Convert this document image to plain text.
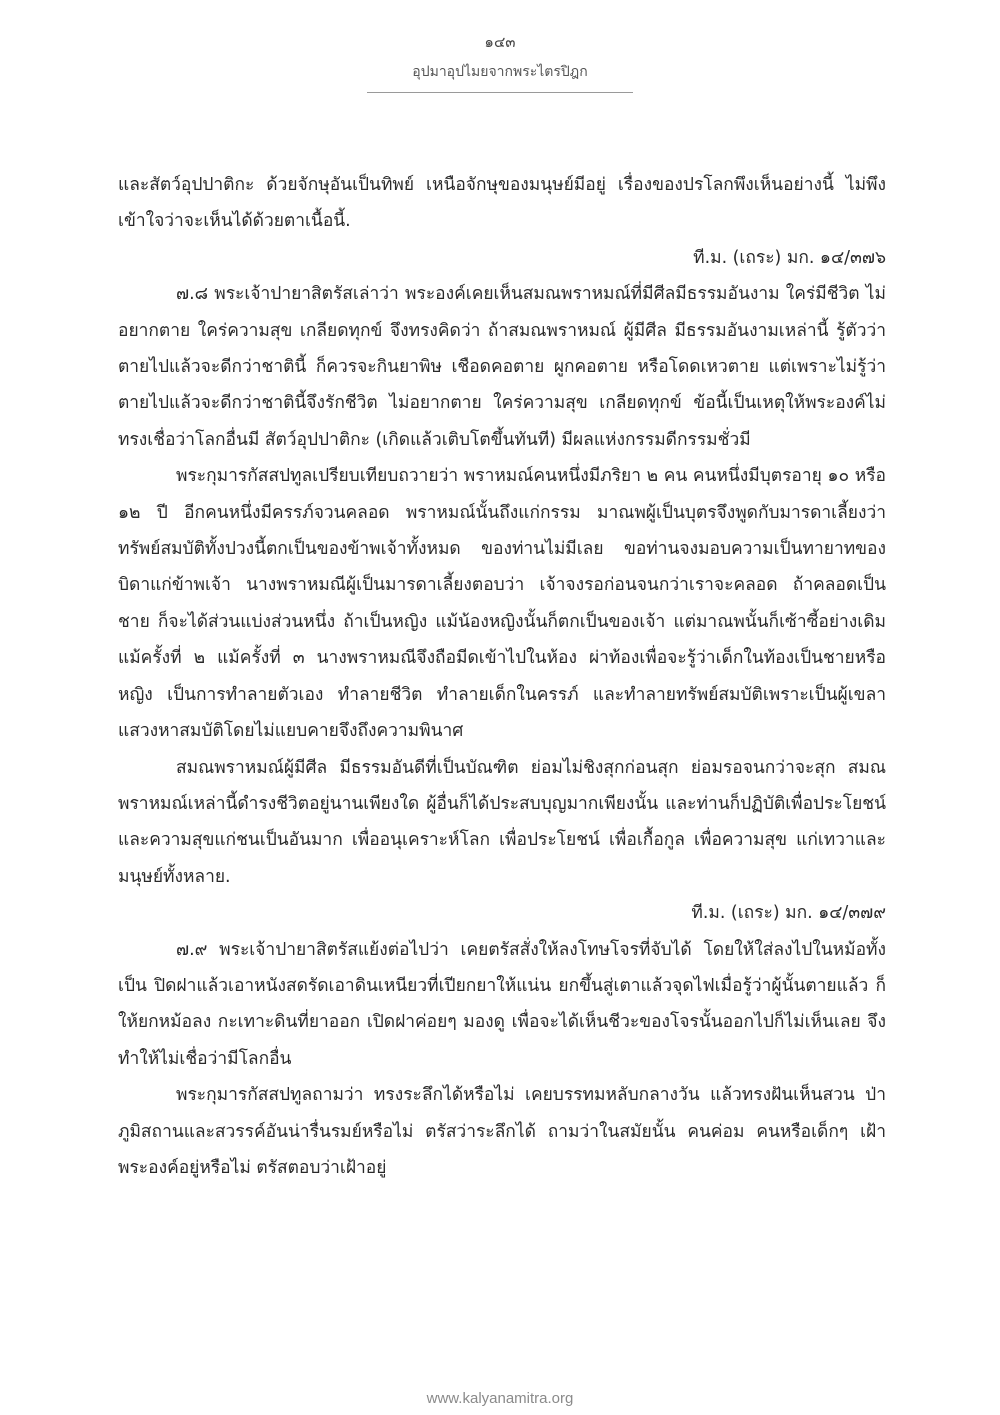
๑๔๓
อุปมาอุปไมยจากพระไตรปิฎก

และสัตว์อุปปาติกะ ด้วยจักษุอันเป็นทิพย์ เหนือจักษุของมนุษย์มีอยู่ เรื่องของปรโลกพึงเห็นอย่างนี้ ไม่พึงเข้าใจว่าจะเห็นได้ด้วยตาเนื้อนี้.

ที.ม. (เถระ) มก. ๑๔/๓๗๖

๗.๘ พระเจ้าปายาสิตรัสเล่าว่า พระองค์เคยเห็นสมณพราหมณ์ที่มีศีลมีธรรมอันงาม ใคร่มีชีวิต ไม่อยากตาย ใคร่ความสุข เกลียดทุกข์ จึงทรงคิดว่า ถ้าสมณพราหมณ์ ผู้มีศีล มีธรรมอันงามเหล่านี้ รู้ตัวว่าตายไปแล้วจะดีกว่าชาตินี้ ก็ควรจะกินยาพิษ เชือดคอตาย ผูกคอตาย หรือโดดเหวตาย แต่เพราะไม่รู้ว่าตายไปแล้วจะดีกว่าชาตินี้จึงรักชีวิต ไม่อยากตาย ใคร่ความสุข เกลียดทุกข์ ข้อนี้เป็นเหตุให้พระองค์ไม่ทรงเชื่อว่าโลกอื่นมี สัตว์อุปปาติกะ (เกิดแล้วเติบโตขึ้นทันที) มีผลแห่งกรรมดีกรรมชั่วมี

พระกุมารกัสสปทูลเปรียบเทียบถวายว่า พราหมณ์คนหนึ่งมีภริยา ๒ คน คนหนึ่งมีบุตรอายุ ๑๐ หรือ ๑๒ ปี อีกคนหนึ่งมีครรภ์จวนคลอด พราหมณ์นั้นถึงแก่กรรม มาณพผู้เป็นบุตรจึงพูดกับมารดาเลี้ยงว่า ทรัพย์สมบัติทั้งปวงนี้ตกเป็นของข้าพเจ้าทั้งหมด ของท่านไม่มีเลย ขอท่านจงมอบความเป็นทายาทของบิดาแก่ข้าพเจ้า นางพราหมณีผู้เป็นมารดาเลี้ยงตอบว่า เจ้าจงรอก่อนจนกว่าเราจะคลอด ถ้าคลอดเป็นชาย ก็จะได้ส่วนแบ่งส่วนหนึ่ง ถ้าเป็นหญิง แม้น้องหญิงนั้นก็ตกเป็นของเจ้า แต่มาณพนั้นก็เซ้าซี้อย่างเดิม แม้ครั้งที่ ๒ แม้ครั้งที่ ๓ นางพราหมณีจึงถือมีดเข้าไปในห้อง ผ่าท้องเพื่อจะรู้ว่าเด็กในท้องเป็นชายหรือหญิง เป็นการทำลายตัวเอง ทำลายชีวิต ทำลายเด็กในครรภ์ และทำลายทรัพย์สมบัติเพราะเป็นผู้เขลา แสวงหาสมบัติโดยไม่แยบคายจึงถึงความพินาศ

สมณพราหมณ์ผู้มีศีล มีธรรมอันดีที่เป็นบัณฑิต ย่อมไม่ชิงสุกก่อนสุก ย่อมรอจนกว่าจะสุก สมณพราหมณ์เหล่านี้ดำรงชีวิตอยู่นานเพียงใด ผู้อื่นก็ได้ประสบบุญมากเพียงนั้น และท่านก็ปฏิบัติเพื่อประโยชน์ และความสุขแก่ชนเป็นอันมาก เพื่ออนุเคราะห์โลก เพื่อประโยชน์ เพื่อเกื้อกูล เพื่อความสุข แก่เทวาและมนุษย์ทั้งหลาย.

ที.ม. (เถระ) มก. ๑๔/๓๗๙

๗.๙ พระเจ้าปายาสิตรัสแย้งต่อไปว่า เคยตรัสสั่งให้ลงโทษโจรที่จับได้ โดยให้ใส่ลงไปในหม้อทั้งเป็น ปิดฝาแล้วเอาหนังสดรัดเอาดินเหนียวที่เปียกยาให้แน่น ยกขึ้นสู่เตาแล้วจุดไฟเมื่อรู้ว่าผู้นั้นตายแล้ว ก็ให้ยกหม้อลง กะเทาะดินที่ยาออก เปิดฝาค่อยๆ มองดู เพื่อจะได้เห็นชีวะของโจรนั้นออกไปก็ไม่เห็นเลย จึงทำให้ไม่เชื่อว่ามีโลกอื่น

พระกุมารกัสสปทูลถามว่า ทรงระลึกได้หรือไม่ เคยบรรทมหลับกลางวัน แล้วทรงฝันเห็นสวน ป่า ภูมิสถานและสวรรค์อันน่ารื่นรมย์หรือไม่ ตรัสว่าระลึกได้ ถามว่าในสมัยนั้น คนค่อม คนหรือเด็กๆ เฝ้าพระองค์อยู่หรือไม่ ตรัสตอบว่าเฝ้าอยู่

www.kalyanamitra.org
